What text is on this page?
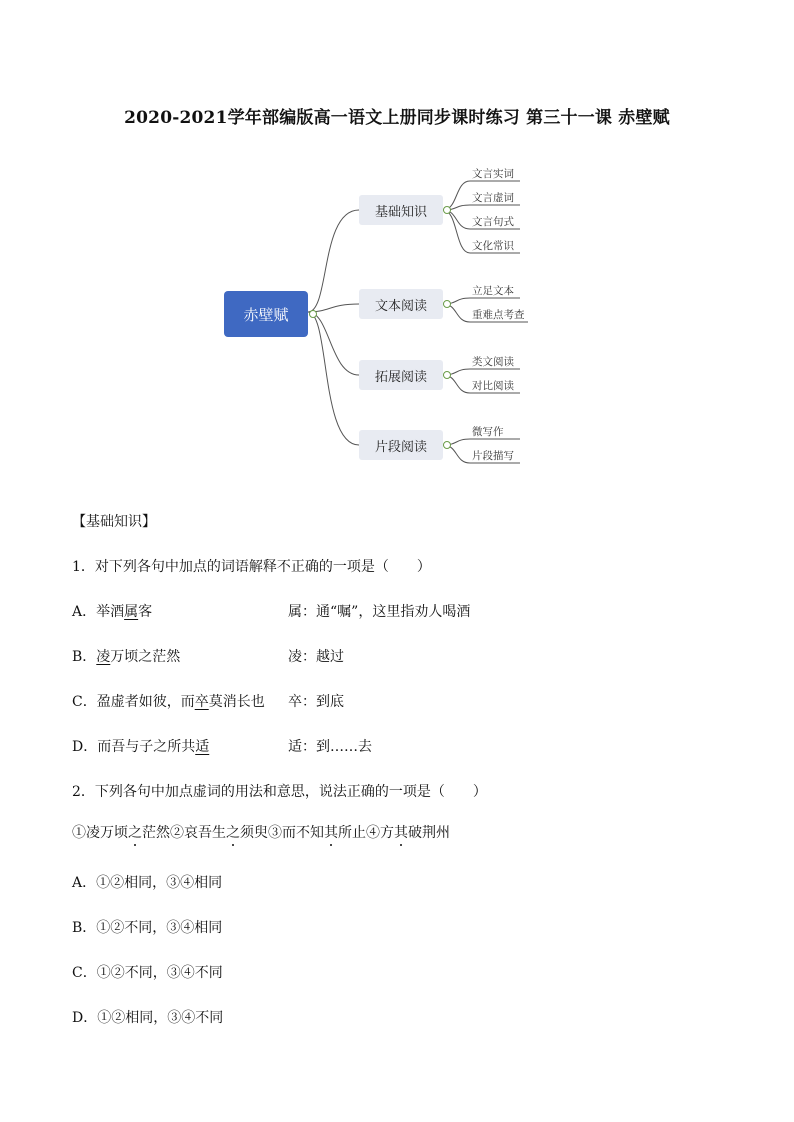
2020-2021学年部编版高一语文上册同步课时练习 第三十一课 赤壁赋
赤壁赋
基础知识
文本阅读
拓展阅读
片段阅读
文言实词
文言虚词
文言句式
文化常识
立足文本
重难点考查
类文阅读
对比阅读
微写作
片段描写
【基础知识】
1．对下列各句中加点的词语解释不正确的一项是（　　）
A．举酒属客	属：通“嘱”，这里指劝人喝酒
B．凌万顷之茫然	凌：越过
C．盈虚者如彼，而卒莫消长也 卒：到底
D．而吾与子之所共适	适：到……去
2．下列各句中加点虚词的用法和意思，说法正确的一项是（　　）
①凌万顷之茫然②哀吾生之须臾③而不知其所止④方其破荆州
A．①②相同，③④相同
B．①②不同，③④相同
C．①②不同，③④不同
D．①②相同，③④不同
